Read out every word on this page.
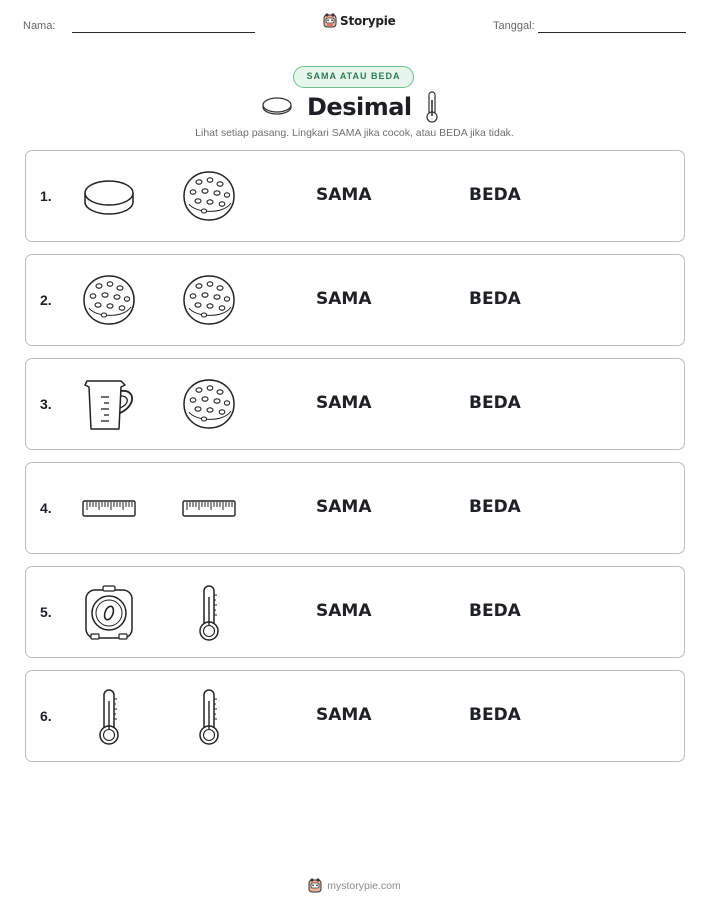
Nama:	Storypie	Tanggal:
SAMA ATAU BEDA
Desimal
Lihat setiap pasang. Lingkari SAMA jika cocok, atau BEDA jika tidak.
1.	SAMA	BEDA
2.	SAMA	BEDA
3.	SAMA	BEDA
4.	SAMA	BEDA
5.	SAMA	BEDA
6.	SAMA	BEDA
mystorypie.com
